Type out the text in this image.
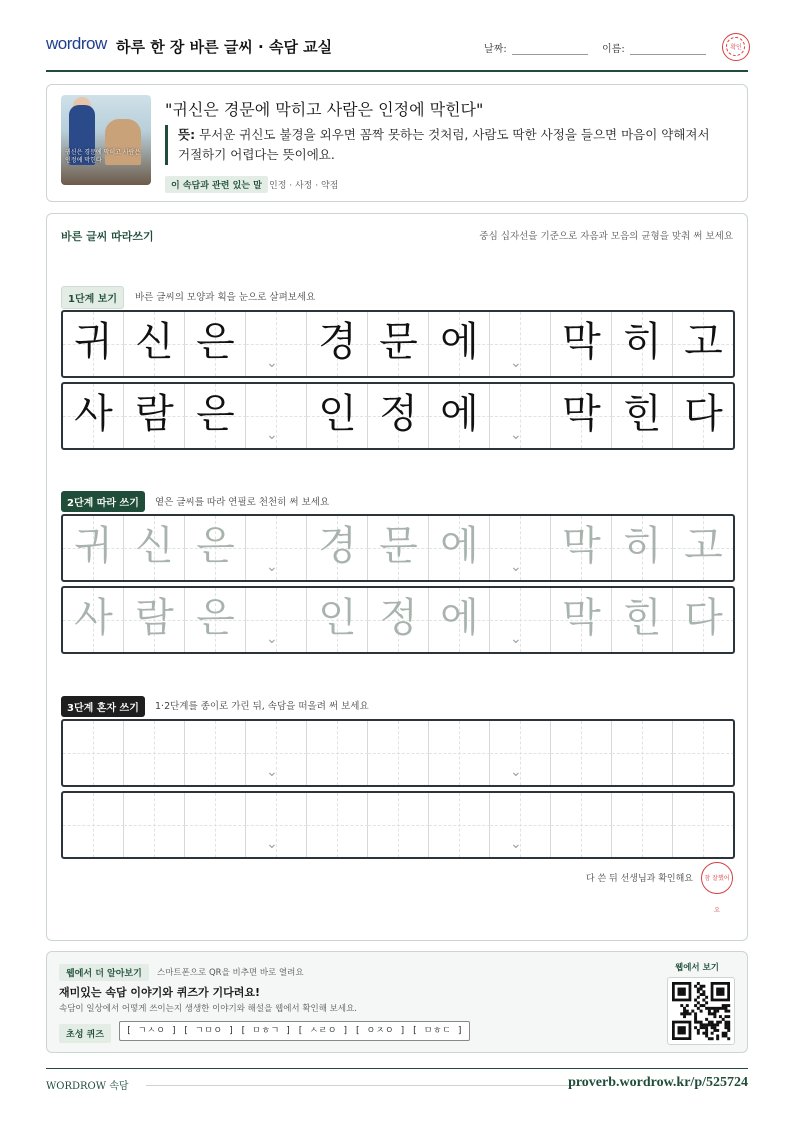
wordrow 하루 한 장 바른 글씨 · 속담 교실	날짜:	이름:	확인
귀신은 경문에 막히고 사람은 인정에 막힌다
"귀신은 경문에 막히고 사람은 인정에 막힌다"
뜻: 무서운 귀신도 불경을 외우면 꼼짝 못하는 것처럼, 사람도 딱한 사정을 들으면 마음이 약해져서 거절하기 어렵다는 뜻이에요.
이 속담과 관련 있는 말 인정 · 사정 · 약점
바른 글씨 따라쓰기	중심 십자선을 기준으로 자음과 모음의 균형을 맞춰 써 보세요
1단계 보기	바른 글씨의 모양과 획을 눈으로 살펴보세요
귀 신 은	⌄ 경 문 에	⌄ 막 히 고
사 람 은	⌄ 인 정 에	⌄ 막 힌 다
2단계 따라 쓰기	옅은 글씨를 따라 연필로 천천히 써 보세요
귀 신 은	⌄ 경 문 에	⌄ 막 히 고
사 람 은	⌄ 인 정 에	⌄ 막 힌 다
3단계 혼자 쓰기	1·2단계를 종이로 가린 뒤, 속담을 떠올려 써 보세요
⌄	⌄
⌄	⌄
다 쓴 뒤 선생님과 확인해요	참 잘했어요
웹에서 더 알아보기	스마트폰으로 QR을 비추면 바로 열려요
재미있는 속담 이야기와 퀴즈가 기다려요!
속담이 일상에서 어떻게 쓰이는지 생생한 이야기와 해설을 웹에서 확인해 보세요.
초성 퀴즈	[ ㄱㅅㅇ ] [ ㄱㅁㅇ ] [ ㅁㅎㄱ ] [ ㅅㄹㅇ ] [ ㅇㅈㅇ ] [ ㅁㅎㄷ ]
웹에서 보기
WORDROW 속담	proverb.wordrow.kr/p/525724
